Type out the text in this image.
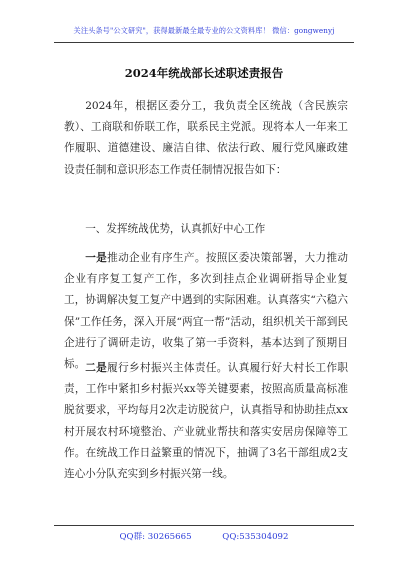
关注头条号"公文研究"，获得最新最全最专业的公文资料库！ 微信：gongwenyj
2024年统战部长述职述责报告

2024年，根据区委分工，我负责全区统战（含民族宗教）、工商联和侨联工作，联系民主党派。现将本人一年来工作履职、道德建设、廉洁自律、依法行政、履行党风廉政建设责任制和意识形态工作责任制情况报告如下：

一、发挥统战优势，认真抓好中心工作

一是推动企业有序生产。按照区委决策部署，大力推动企业有序复工复产工作，多次到挂点企业调研指导企业复工，协调解决复工复产中遇到的实际困难。认真落实“六稳六保”工作任务，深入开展“两宜一帮”活动，组织机关干部到民企进行了调研走访，收集了第一手资料，基本达到了预期目标。 二是履行乡村振兴主体责任。认真履行好大村长工作职责，工作中紧扣乡村振兴xx等关键要素，按照高质量高标准脱贫要求，平均每月2次走访脱贫户，认真指导和协助挂点xx村开展农村环境整治、产业就业帮扶和落实安居房保障等工作。在统战工作日益繁重的情况下，抽调了3名干部组成2支连心小分队充实到乡村振兴第一线。

QQ群: 30265665	QQ:535304092
